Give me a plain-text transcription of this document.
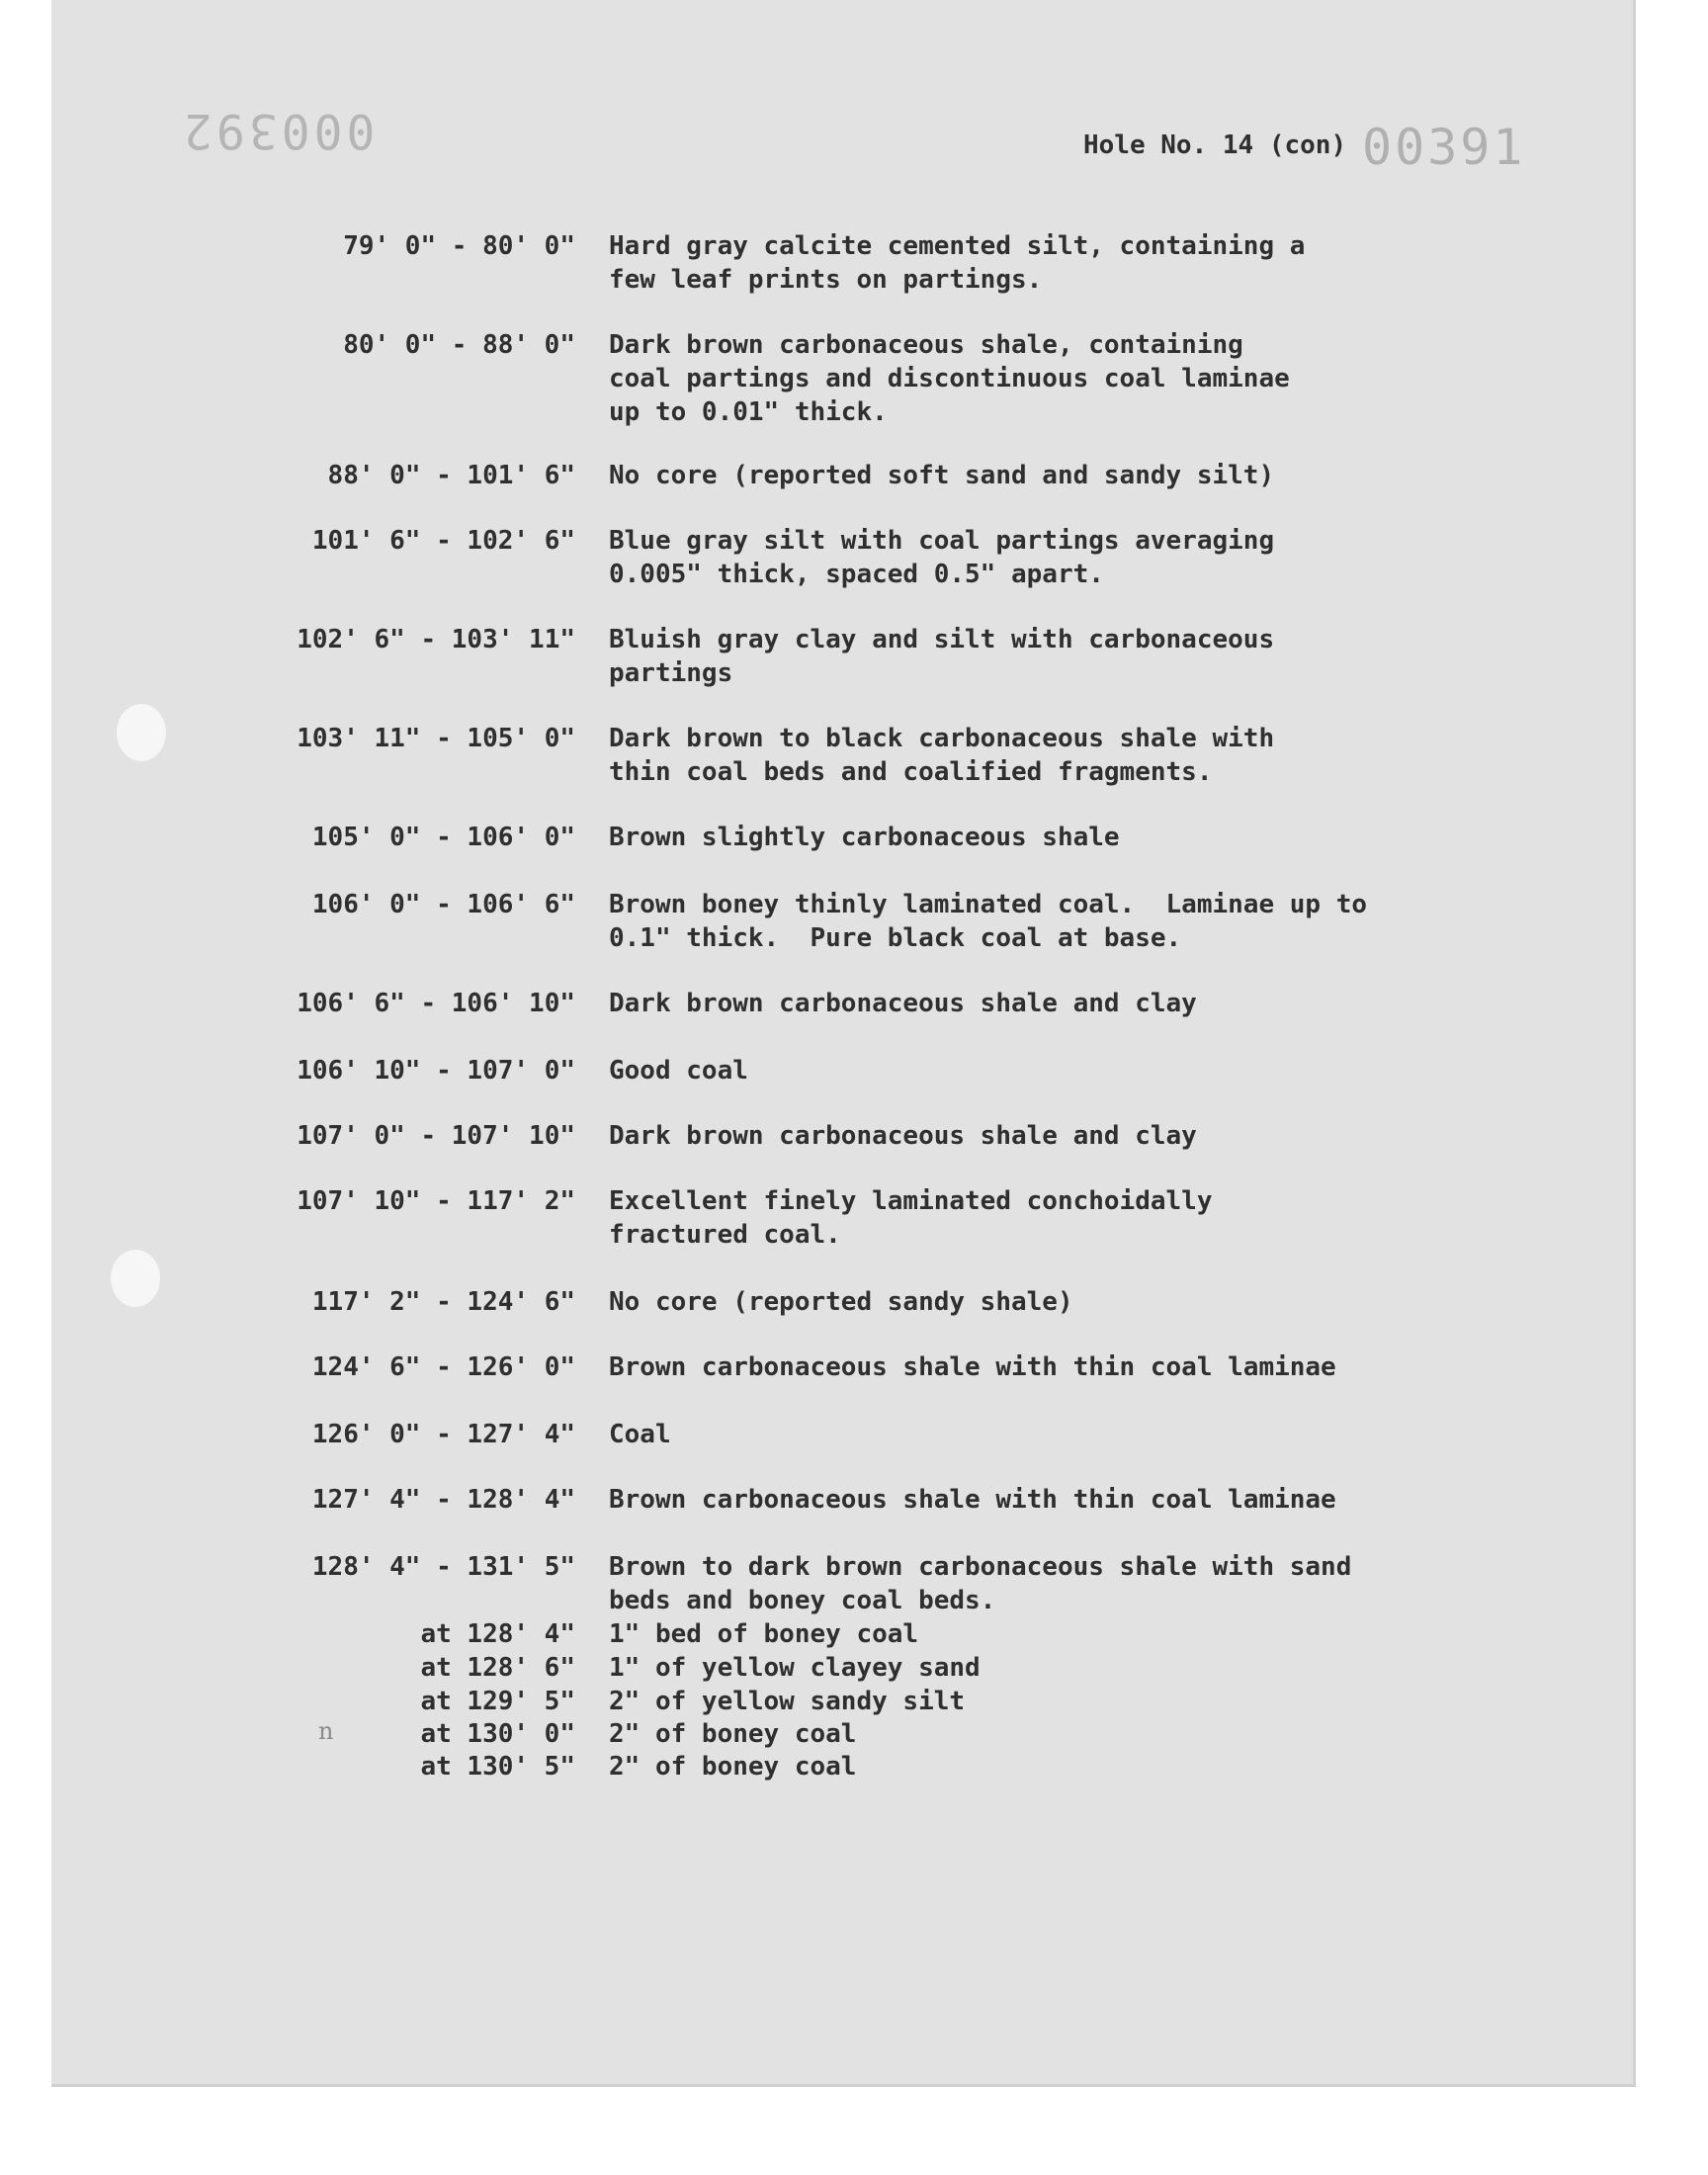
000392	Hole No. 14 (con) 00391
79' 0" - 80' 0" Hard gray calcite cemented silt, containing a
few leaf prints on partings.
80' 0" - 88' 0" Dark brown carbonaceous shale, containing
coal partings and discontinuous coal laminae
up to 0.01" thick.
88' 0" - 101' 6" No core (reported soft sand and sandy silt)
101' 6" - 102' 6" Blue gray silt with coal partings averaging
0.005" thick, spaced 0.5" apart.
102' 6" - 103' 11" Bluish gray clay and silt with carbonaceous
partings
103' 11" - 105' 0" Dark brown to black carbonaceous shale with
thin coal beds and coalified fragments.
105' 0" - 106' 0" Brown slightly carbonaceous shale
106' 0" - 106' 6" Brown boney thinly laminated coal.  Laminae up to
0.1" thick.  Pure black coal at base.
106' 6" - 106' 10" Dark brown carbonaceous shale and clay
106' 10" - 107' 0" Good coal
107' 0" - 107' 10" Dark brown carbonaceous shale and clay
107' 10" - 117' 2" Excellent finely laminated conchoidally
fractured coal.
117' 2" - 124' 6" No core (reported sandy shale)
124' 6" - 126' 0" Brown carbonaceous shale with thin coal laminae
126' 0" - 127' 4" Coal
127' 4" - 128' 4" Brown carbonaceous shale with thin coal laminae
128' 4" - 131' 5" Brown to dark brown carbonaceous shale with sand
beds and boney coal beds.
at 128' 4" 1" bed of boney coal
at 128' 6" 1" of yellow clayey sand
at 129' 5" 2" of yellow sandy silt
at 130' 0" 2" of boney coal
at 130' 5" 2" of boney coal
n
